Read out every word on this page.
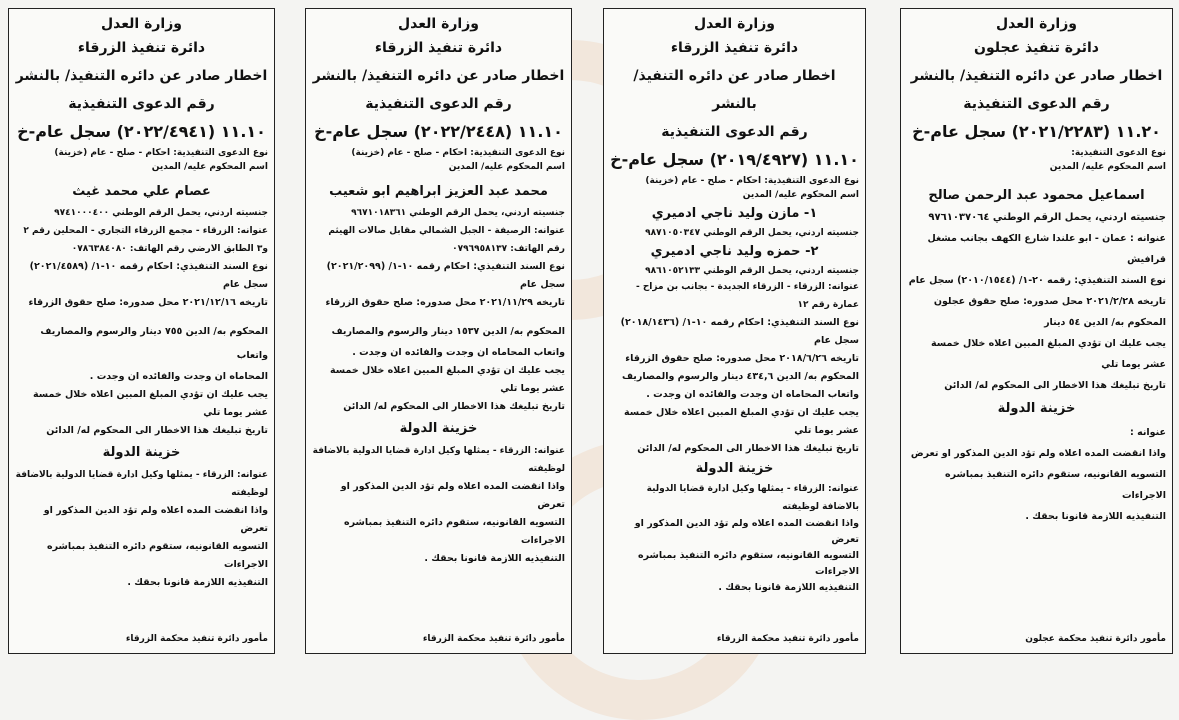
وزارة العدل

دائرة تنفيذ عجلون

اخطار صادر عن دائره التنفيذ/ بالنشر

رقم الدعوى التنفيذية

١١.٢٠ (٢٠٢١/٢٢٨٣) سجل عام-خ

نوع الدعوى التنفيذية:

اسم المحكوم عليه/ المدين

اسماعيل محمود عبد الرحمن صالح

جنسيته اردني، يحمل الرقم الوطني ٩٧٦١٠٣٧٠٦٤

عنوانه : عمان - ابو علندا شارع الكهف بجانب مشغل قرافيش

نوع السند التنفيذي: رقمه ٢٠-١/ (٢٠١٠/١٥٤٤) سجل عام

تاريخه ٢٠٢١/٢/٢٨ محل صدوره: صلح حقوق عجلون

المحكوم به/ الدين ٥٤ دينار

يجب عليك ان تؤدي المبلغ المبين اعلاه خلال خمسة عشر يوما تلي

تاريخ تبليغك هذا الاخطار الى المحكوم له/ الدائن

خزينة الدولة

عنوانه :

واذا انقضت المده اعلاه ولم تؤد الدين المذكور او تعرض

التسويه القانونيه، ستقوم دائره التنفيذ بمباشره الاجراءات

التنفيذيه اللازمة قانونا بحقك .

مأمور دائرة تنفيذ محكمة عجلون

وزارة العدل

دائرة تنفيذ الزرقاء

اخطار صادر عن دائره التنفيذ/ بالنشر

رقم الدعوى التنفيذية

١١.١٠ (٢٠١٩/٤٩٢٧) سجل عام-خ

نوع الدعوى التنفيذية: احكام - صلح - عام (خزينة)

اسم المحكوم عليه/ المدين

١- مازن وليد ناجي ادميري

جنسيته اردني، يحمل الرقم الوطني ٩٨٧١٠٥٠٣٤٧

٢- حمزه وليد ناجي ادميري

جنسيته اردني، يحمل الرقم الوطني ٩٨٦١٠٥٢١٣٣

عنوانه: الزرقاء - الزرقاء الجديدة - بجانب بن مزاح - عمارة رقم ١٢

نوع السند التنفيذي: احكام رقمه ١٠-١/ (٢٠١٨/١٤٣٦) سجل عام

تاريخه ٢٠١٨/٦/٢٦ محل صدوره: صلح حقوق الزرقاء

المحكوم به/ الدين ٤٣٤,٦ دينار والرسوم والمصاريف

واتعاب المحاماه ان وجدت والفائده ان وجدت .

يجب عليك ان تؤدي المبلغ المبين اعلاه خلال خمسة عشر يوما تلي

تاريخ تبليغك هذا الاخطار الى المحكوم له/ الدائن

خزينة الدولة

عنوانه: الزرقاء - يمثلها وكيل ادارة قضايا الدولية بالاضافة لوظيفته

واذا انقضت المده اعلاه ولم تؤد الدين المذكور او تعرض

التسويه القانونيه، ستقوم دائره التنفيذ بمباشره الاجراءات

التنفيذيه اللازمة قانونا بحقك .

مأمور دائرة تنفيذ محكمة الزرقاء

وزارة العدل

دائرة تنفيذ الزرقاء

اخطار صادر عن دائره التنفيذ/ بالنشر

رقم الدعوى التنفيذية

١١.١٠ (٢٠٢٢/٢٤٤٨) سجل عام-خ

نوع الدعوى التنفيذية: احكام - صلح - عام (خزينة)

اسم المحكوم عليه/ المدين

محمد عبد العزيز ابراهيم ابو شعيب

جنسيته اردني، يحمل الرقم الوطني ٩٦٧١٠١٨٣٦١

عنوانه: الرصيفة - الجبل الشمالي مقابل صالات الهيثم رقم الهاتف: ٠٧٩٦٩٥٨١٣٧

نوع السند التنفيذي: احكام رقمه ١٠-١/ (٢٠٢١/٢٠٩٩) سجل عام

تاريخه ٢٠٢١/١١/٢٩ محل صدوره: صلح حقوق الزرقاء

المحكوم به/ الدين ١٥٣٧ دينار والرسوم والمصاريف

واتعاب المحاماه ان وجدت والفائده ان وجدت .

يجب عليك ان تؤدي المبلغ المبين اعلاه خلال خمسة عشر يوما تلي

تاريخ تبليغك هذا الاخطار الى المحكوم له/ الدائن

خزينة الدولة

عنوانه: الزرقاء - يمثلها وكيل ادارة قضايا الدولية بالاضافة لوظيفته

واذا انقضت المده اعلاه ولم تؤد الدين المذكور او تعرض

التسويه القانونيه، ستقوم دائره التنفيذ بمباشره الاجراءات

التنفيذيه اللازمة قانونا بحقك .

مأمور دائرة تنفيذ محكمة الزرقاء

وزارة العدل

دائرة تنفيذ الزرقاء

اخطار صادر عن دائره التنفيذ/ بالنشر

رقم الدعوى التنفيذية

١١.١٠ (٢٠٢٢/٤٩٤١) سجل عام-خ

نوع الدعوى التنفيذية: احكام - صلح - عام (خزينة)

اسم المحكوم عليه/ المدين

عصام علي محمد غيث

جنسيته اردني، يحمل الرقم الوطني ٩٧٤١٠٠٠٤٠٠

عنوانه: الزرقاء - مجمع الزرقاء التجاري - المحلين رقم ٢ و٣ الطابق الارضي رقم الهاتف: ٠٧٨٦٣٨٤٠٨٠

نوع السند التنفيذي: احكام رقمه ١٠-١/ (٢٠٢١/٤٥٨٩) سجل عام

تاريخه ٢٠٢١/١٢/١٦ محل صدوره: صلح حقوق الزرقاء

المحكوم به/ الدين ٧٥٥ دينار والرسوم والمصاريف واتعاب

المحاماه ان وجدت والفائده ان وجدت .

يجب عليك ان تؤدي المبلغ المبين اعلاه خلال خمسة عشر يوما تلي

تاريخ تبليغك هذا الاخطار الى المحكوم له/ الدائن

خزينة الدولة

عنوانه: الزرقاء - يمثلها وكيل ادارة قضايا الدولية بالاضافة لوظيفته

واذا انقضت المده اعلاه ولم تؤد الدين المذكور او تعرض

التسويه القانونيه، ستقوم دائره التنفيذ بمباشره الاجراءات

التنفيذيه اللازمة قانونا بحقك .

مأمور دائرة تنفيذ محكمة الزرقاء
